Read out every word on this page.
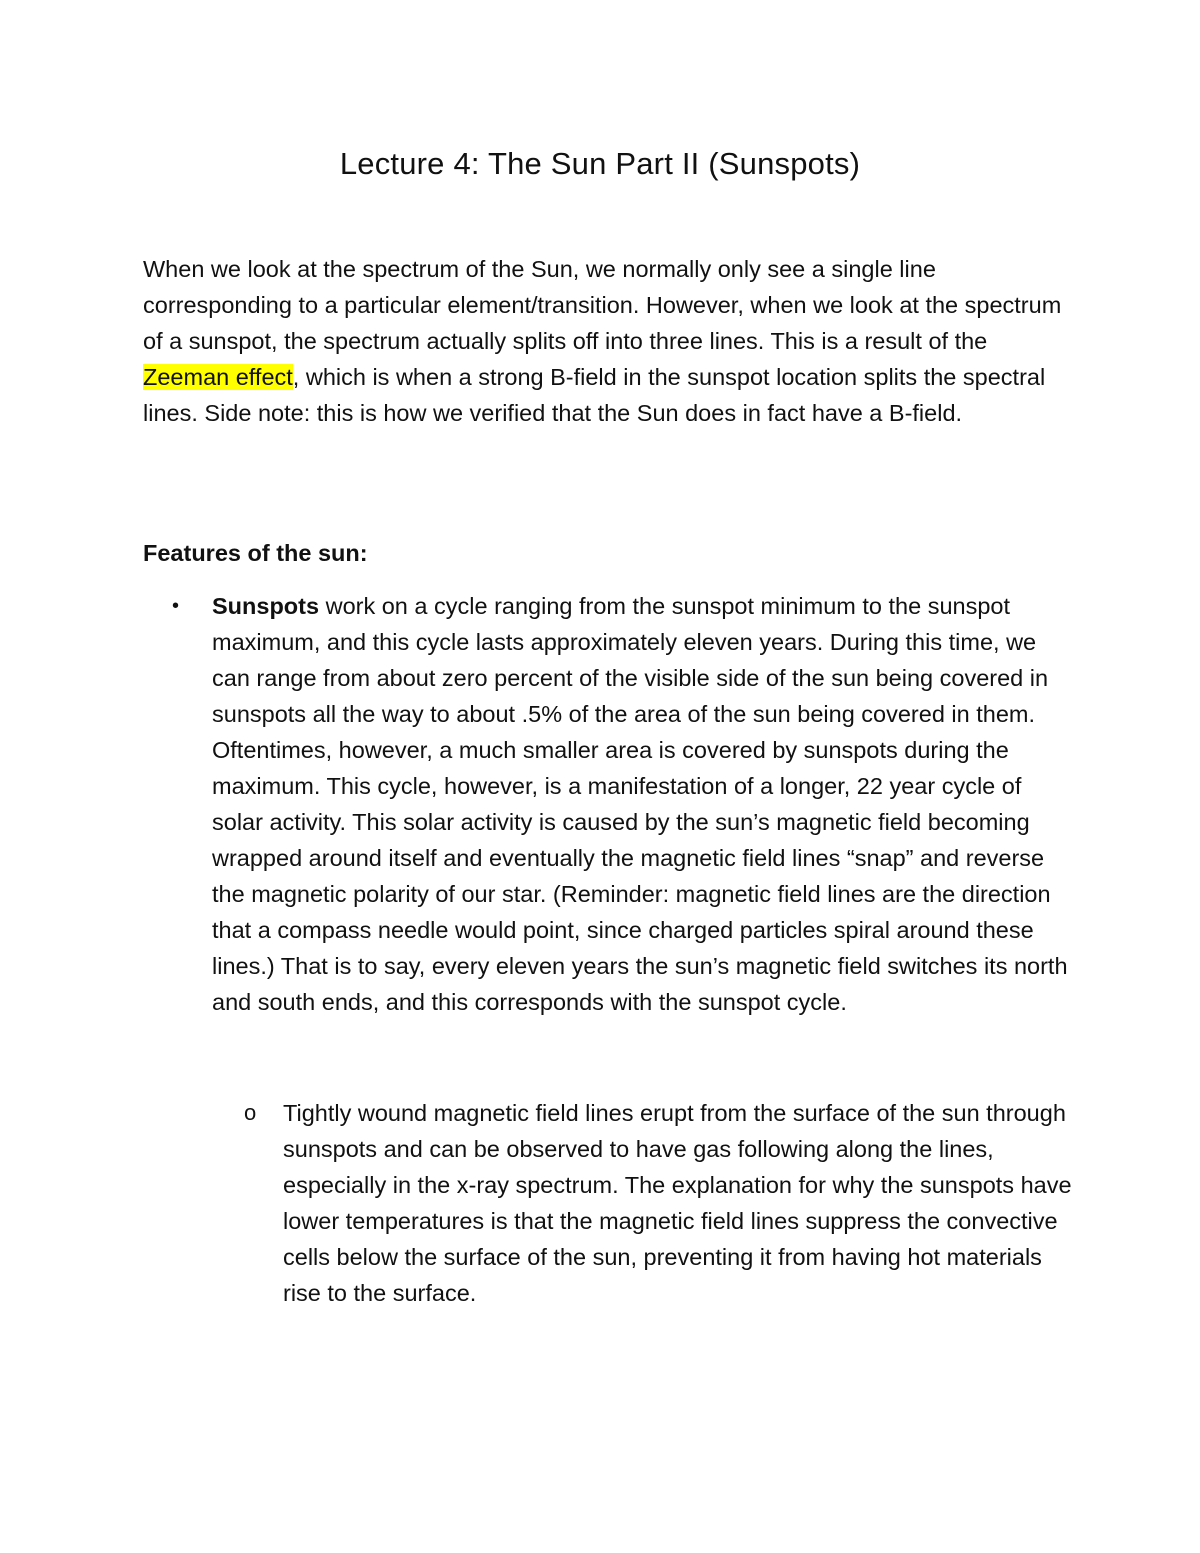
Lecture 4: The Sun Part II (Sunspots)

When we look at the spectrum of the Sun, we normally only see a single line corresponding to a particular element/transition. However, when we look at the spectrum of a sunspot, the spectrum actually splits off into three lines. This is a result of the Zeeman effect, which is when a strong B-field in the sunspot location splits the spectral lines. Side note: this is how we verified that the Sun does in fact have a B-field.

Features of the sun:

•	Sunspots work on a cycle ranging from the sunspot minimum to the sunspot maximum, and this cycle lasts approximately eleven years. During this time, we can range from about zero percent of the visible side of the sun being covered in sunspots all the way to about .5% of the area of the sun being covered in them. Oftentimes, however, a much smaller area is covered by sunspots during the maximum. This cycle, however, is a manifestation of a longer, 22 year cycle of solar activity. This solar activity is caused by the sun’s magnetic field becoming wrapped around itself and eventually the magnetic field lines “snap” and reverse the magnetic polarity of our star. (Reminder: magnetic field lines are the direction that a compass needle would point, since charged particles spiral around these lines.) That is to say, every eleven years the sun’s magnetic field switches its north and south ends, and this corresponds with the sunspot cycle.

o	Tightly wound magnetic field lines erupt from the surface of the sun through sunspots and can be observed to have gas following along the lines, especially in the x-ray spectrum. The explanation for why the sunspots have lower temperatures is that the magnetic field lines suppress the convective cells below the surface of the sun, preventing it from having hot materials rise to the surface.
